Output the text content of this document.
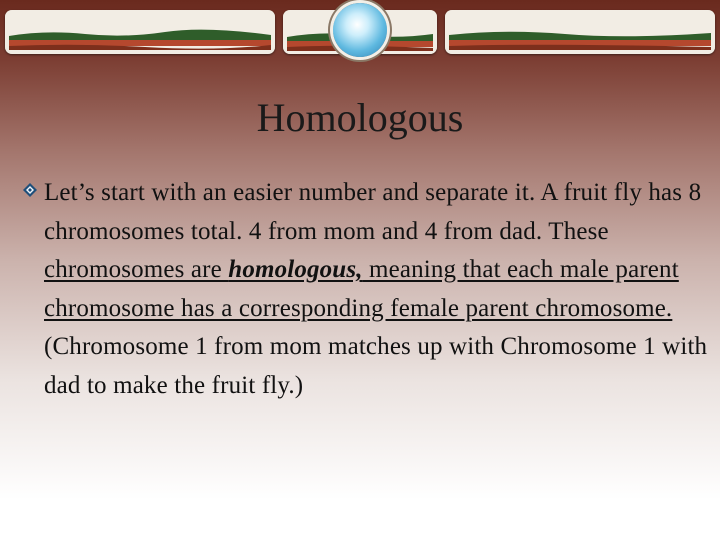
Homologous
Let’s start with an easier number and separate it. A fruit fly has 8 chromosomes total. 4 from mom and 4 from dad. These chromosomes are homologous, meaning that each male parent chromosome has a corresponding female parent chromosome. (Chromosome 1 from mom matches up with Chromosome 1 with dad to make the fruit fly.)
